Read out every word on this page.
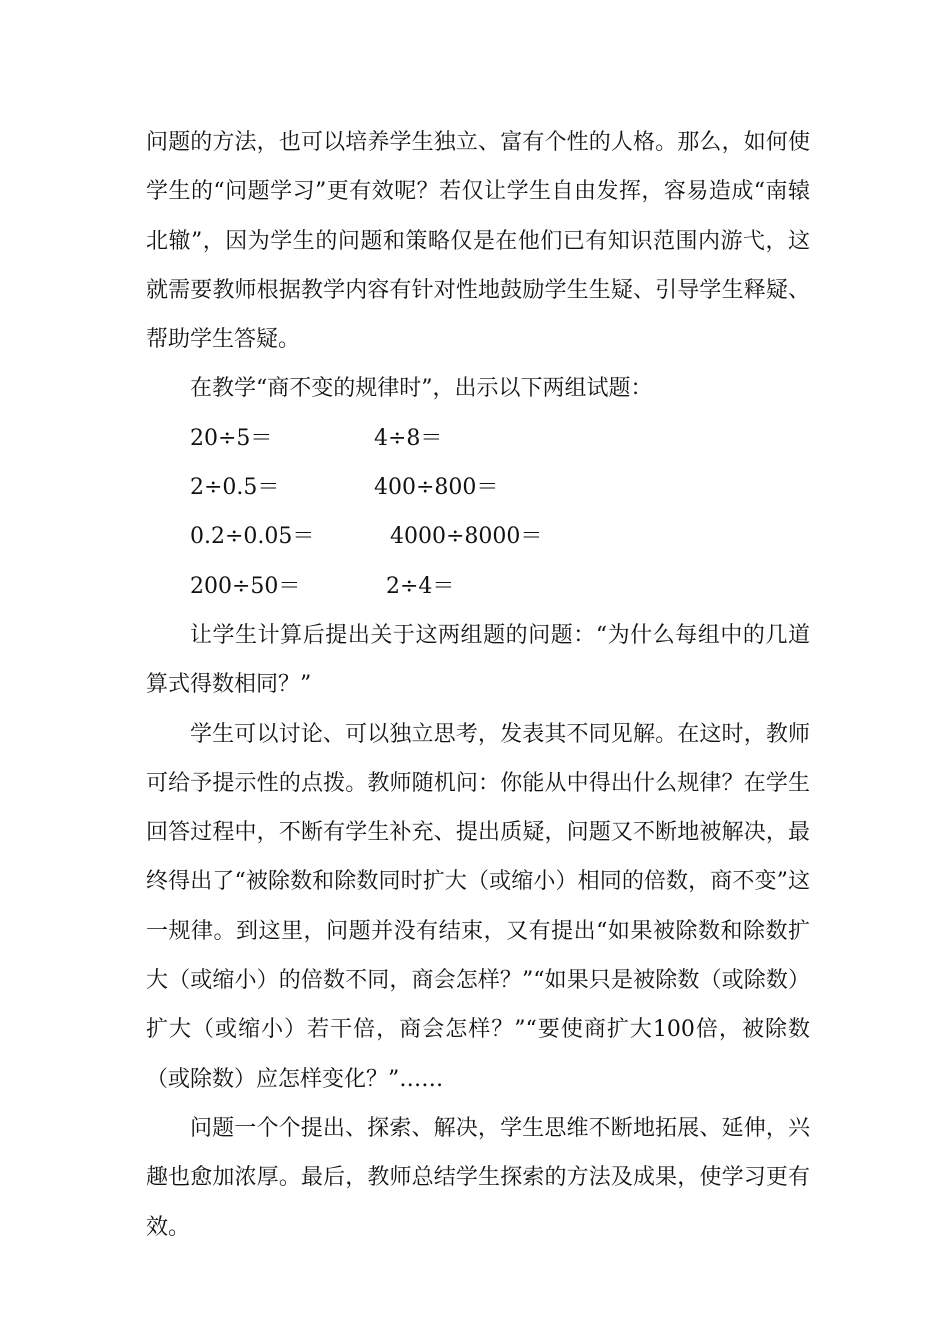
问题的方法，也可以培养学生独立、富有个性的人格。那么，如何使学生的“问题学习”更有效呢？若仅让学生自由发挥，容易造成“南辕北辙”，因为学生的问题和策略仅是在他们已有知识范围内游弋，这就需要教师根据教学内容有针对性地鼓励学生生疑、引导学生释疑、帮助学生答疑。

在教学“商不变的规律时”，出示以下两组试题：

20÷5＝	4÷8＝
2÷0.5＝	400÷800＝
0.2÷0.05＝	4000÷8000＝
200÷50＝	2÷4＝

让学生计算后提出关于这两组题的问题：“为什么每组中的几道算式得数相同？”

学生可以讨论、可以独立思考，发表其不同见解。在这时，教师可给予提示性的点拨。教师随机问：你能从中得出什么规律？在学生回答过程中，不断有学生补充、提出质疑，问题又不断地被解决，最终得出了“被除数和除数同时扩大（或缩小）相同的倍数，商不变”这一规律。到这里，问题并没有结束，又有提出“如果被除数和除数扩大（或缩小）的倍数不同，商会怎样？”“如果只是被除数（或除数）扩大（或缩小）若干倍，商会怎样？”“要使商扩大100倍，被除数（或除数）应怎样变化？”……

问题一个个提出、探索、解决，学生思维不断地拓展、延伸，兴趣也愈加浓厚。最后，教师总结学生探索的方法及成果，使学习更有效。
